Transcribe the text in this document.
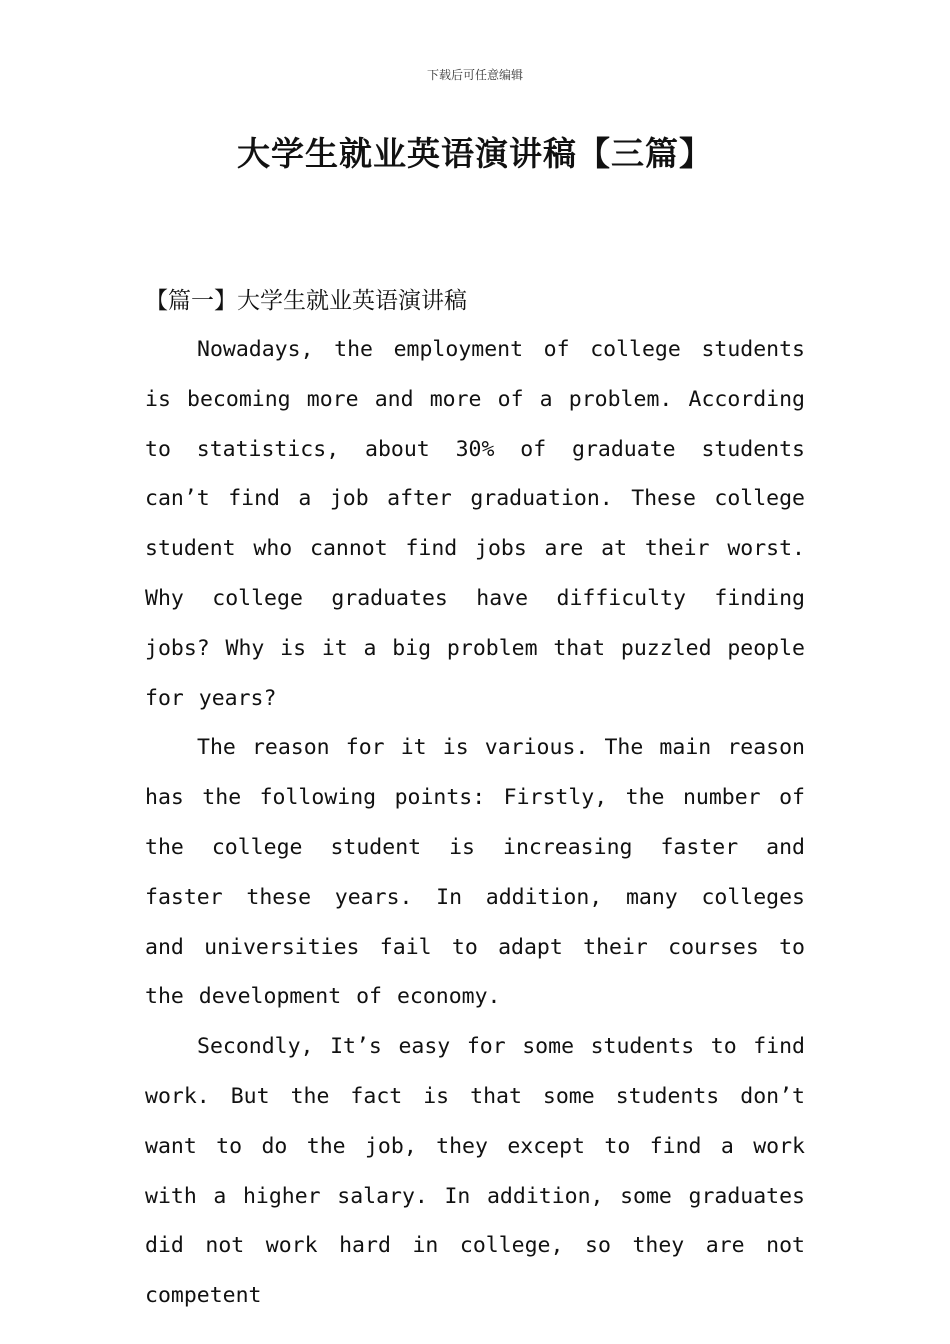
下载后可任意编辑
大学生就业英语演讲稿【三篇】
【篇一】大学生就业英语演讲稿

Nowadays, the employment of college students is becoming more and more of a problem. According to statistics, about 30% of graduate students can’t find a job after graduation. These college student who cannot find jobs are at their worst. Why college graduates have difficulty finding jobs? Why is it a big problem that puzzled people for years?

The reason for it is various. The main reason has the following points: Firstly, the number of the college student is increasing faster and faster these years. In addition, many colleges and universities fail to adapt their courses to the development of economy.

Secondly, It’s easy for some students to find work. But the fact is that some students don’t want to do the job, they except to find a work with a higher salary. In addition, some graduates did not work hard in college, so they are not competent
